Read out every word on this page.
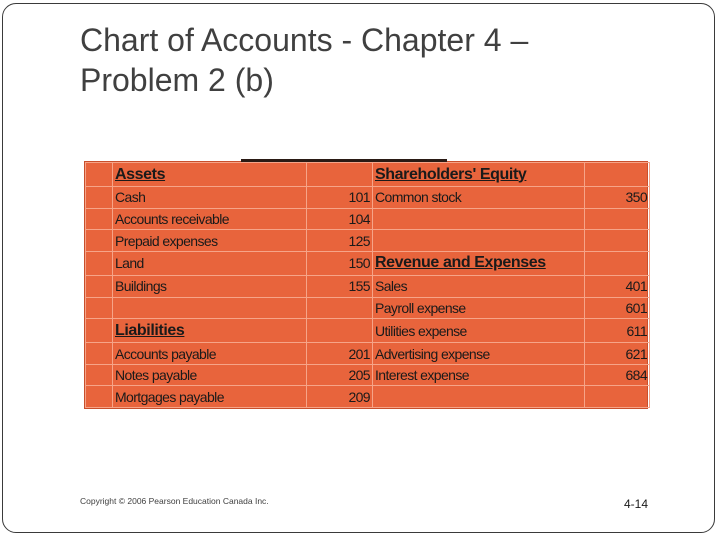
Chart of Accounts - Chapter 4 –
Problem 2 (b)
	Assets		Shareholders' Equity	
	Cash	101	Common stock	350
	Accounts receivable	104		
	Prepaid expenses	125		
	Land	150	Revenue and Expenses	
	Buildings	155	Sales	401
			Payroll expense	601
	Liabilities		Utilities expense	611
	Accounts payable	201	Advertising expense	621
	Notes payable	205	Interest expense	684
	Mortgages payable	209		
Copyright © 2006 Pearson Education Canada Inc.	4-14
